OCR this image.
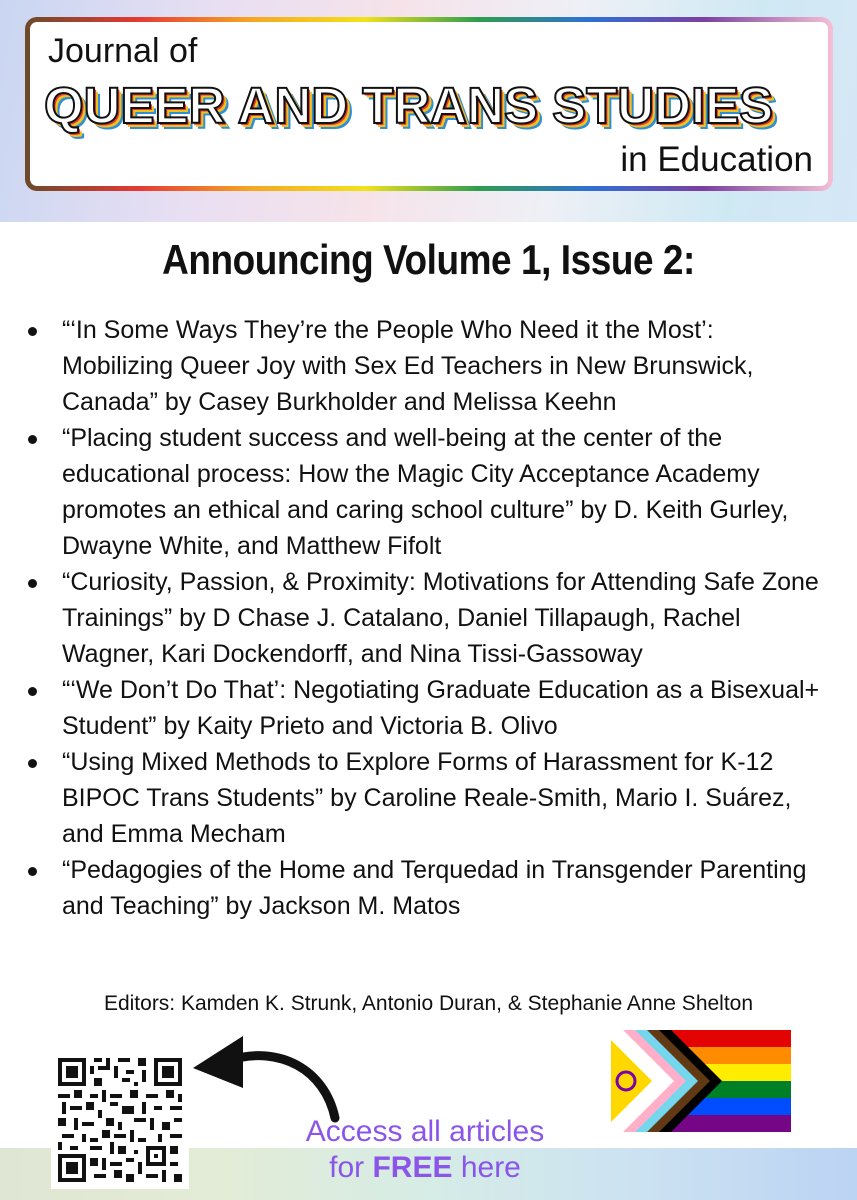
Journal of
QUEER AND TRANS STUDIES
in Education
Announcing Volume 1, Issue 2:
“‘In Some Ways They’re the People Who Need it the Most’: Mobilizing Queer Joy with Sex Ed Teachers in New Brunswick, Canada” by Casey Burkholder and Melissa Keehn
“Placing student success and well-being at the center of the educational process: How the Magic City Acceptance Academy promotes an ethical and caring school culture” by D. Keith Gurley, Dwayne White, and Matthew Fifolt
“Curiosity, Passion, & Proximity: Motivations for Attending Safe Zone Trainings” by D Chase J. Catalano, Daniel Tillapaugh, Rachel Wagner, Kari Dockendorff, and Nina Tissi-Gassoway
“‘We Don’t Do That’: Negotiating Graduate Education as a Bisexual+ Student” by Kaity Prieto and Victoria B. Olivo
“Using Mixed Methods to Explore Forms of Harassment for K-12 BIPOC Trans Students” by Caroline Reale-Smith, Mario I. Suárez, and Emma Mecham
“Pedagogies of the Home and Terquedad in Transgender Parenting and Teaching” by Jackson M. Matos
Editors: Kamden K. Strunk, Antonio Duran, & Stephanie Anne Shelton
Access all articles
for FREE here
